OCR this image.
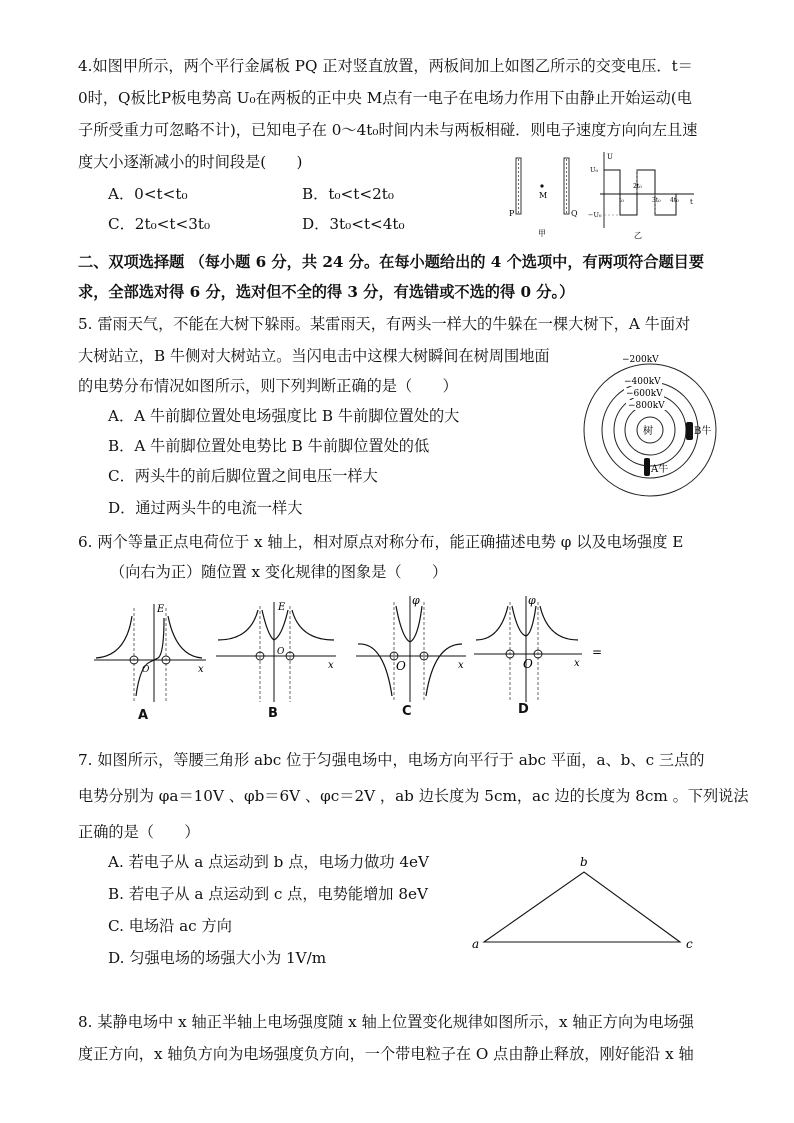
4.如图甲所示，两个平行金属板 PQ 正对竖直放置，两板间加上如图乙所示的交变电压．t＝
0时，Q板比P板电势高 U₀在两板的正中央 M点有一电子在电场力作用下由静止开始运动(电
子所受重力可忽略不计)，已知电子在 0～4t₀时间内未与两板相碰．则电子速度方向向左且速
度大小逐渐减小的时间段是(　　)
A．0<t<t₀	B．t₀<t<2t₀
C．2t₀<t<3t₀	D．3t₀<t<4t₀
P	Q
M
甲
U
t
U₀
−U₀
t₀
2t₀
3t₀ 4t₀
乙
二、双项选择题 （每小题 6 分，共 24 分。在每小题给出的 4 个选项中，有两项符合题目要
求，全部选对得 6 分，选对但不全的得 3 分，有选错或不选的得 0 分。）
5. 雷雨天气，不能在大树下躲雨。某雷雨天，有两头一样大的牛躲在一棵大树下，A 牛面对
大树站立，B 牛侧对大树站立。当闪电击中这棵大树瞬间在树周围地面
的电势分布情况如图所示，则下列判断正确的是（　　）
A．A 牛前脚位置处电场强度比 B 牛前脚位置处的大
B．A 牛前脚位置处电势比 B 牛前脚位置处的低
C．两头牛的前后脚位置之间电压一样大
D．通过两头牛的电流一样大
树
−200kV
−400kV
−600kV
−800kV
B牛
A牛
6. 两个等量正点电荷位于 x 轴上，相对原点对称分布，能正确描述电势 φ 以及电场强度 E
（向右为正）随位置 x 变化规律的图象是（　　）
E
x
O
E
x
O
φ
x
O
φ
x
O
=
A	B	C	D
7. 如图所示，等腰三角形 abc 位于匀强电场中，电场方向平行于 abc 平面，a、b、c 三点的
电势分别为 φa＝10V 、φb＝6V 、φc＝2V ，ab 边长度为 5cm，ac 边的长度为 8cm 。下列说法
正确的是（　　）
A. 若电子从 a 点运动到 b 点，电场力做功 4eV
B. 若电子从 a 点运动到 c 点，电势能增加 8eV
C. 电场沿 ac 方向
D. 匀强电场的场强大小为 1V/m
a
b
c
8. 某静电场中 x 轴正半轴上电场强度随 x 轴上位置变化规律如图所示，x 轴正方向为电场强
度正方向，x 轴负方向为电场强度负方向，一个带电粒子在 O 点由静止释放，刚好能沿 x 轴
